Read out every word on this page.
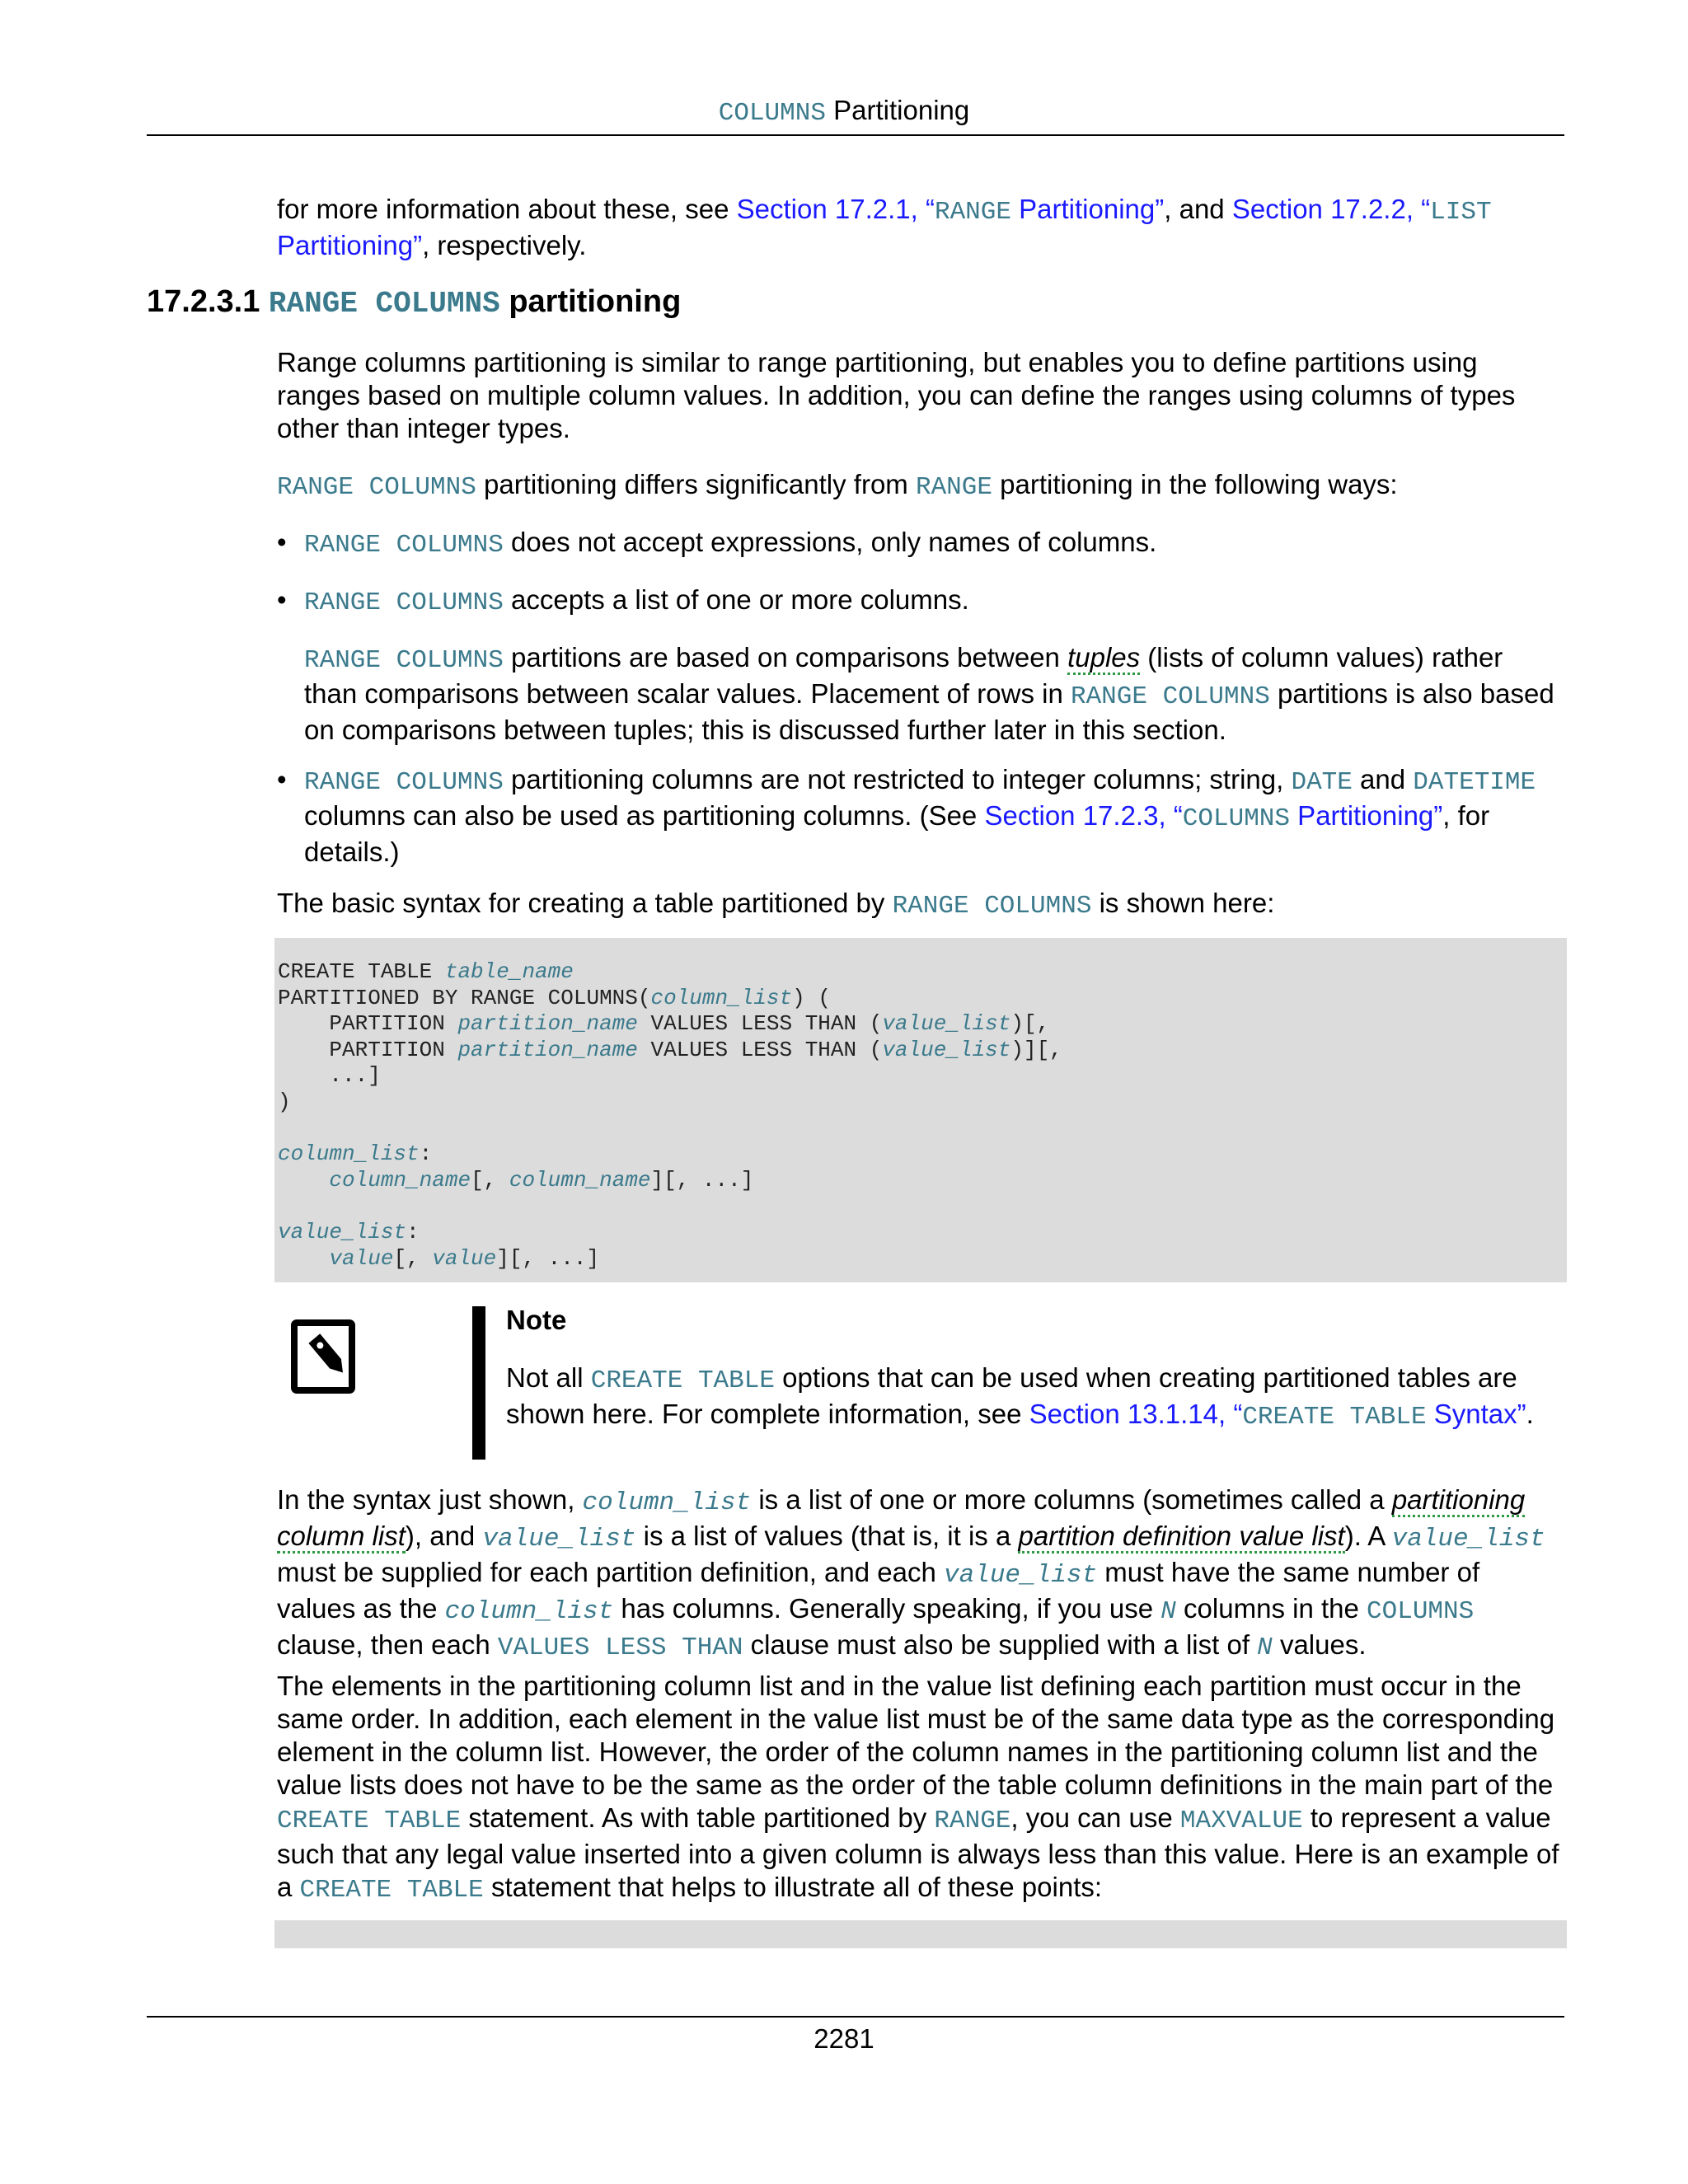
COLUMNS Partitioning
for more information about these, see Section 17.2.1, “RANGE Partitioning”, and Section 17.2.2, “LIST Partitioning”, respectively.
17.2.3.1 RANGE COLUMNS partitioning

Range columns partitioning is similar to range partitioning, but enables you to define partitions using ranges based on multiple column values. In addition, you can define the ranges using columns of types other than integer types.

RANGE COLUMNS partitioning differs significantly from RANGE partitioning in the following ways:

• RANGE COLUMNS does not accept expressions, only names of columns.
• RANGE COLUMNS accepts a list of one or more columns.

RANGE COLUMNS partitions are based on comparisons between tuples (lists of column values) rather than comparisons between scalar values. Placement of rows in RANGE COLUMNS partitions is also based on comparisons between tuples; this is discussed further later in this section.

• RANGE COLUMNS partitioning columns are not restricted to integer columns; string, DATE and DATETIME columns can also be used as partitioning columns. (See Section 17.2.3, “COLUMNS Partitioning”, for details.)

The basic syntax for creating a table partitioned by RANGE COLUMNS is shown here:

CREATE TABLE table_name
PARTITIONED BY RANGE COLUMNS(column_list) (
PARTITION partition_name VALUES LESS THAN (value_list)[,
PARTITION partition_name VALUES LESS THAN (value_list)][,
...]
)

column_list:
column_name[, column_name][, ...]

value_list:
value[, value][, ...]
Note
Not all CREATE TABLE options that can be used when creating partitioned tables are shown here. For complete information, see Section 13.1.14, “CREATE TABLE Syntax”.

In the syntax just shown, column_list is a list of one or more columns (sometimes called a partitioning column list), and value_list is a list of values (that is, it is a partition definition value list). A value_list must be supplied for each partition definition, and each value_list must have the same number of values as the column_list has columns. Generally speaking, if you use N columns in the COLUMNS clause, then each VALUES LESS THAN clause must also be supplied with a list of N values.

The elements in the partitioning column list and in the value list defining each partition must occur in the same order. In addition, each element in the value list must be of the same data type as the corresponding element in the column list. However, the order of the column names in the partitioning column list and the value lists does not have to be the same as the order of the table column definitions in the main part of the CREATE TABLE statement. As with table partitioned by RANGE, you can use MAXVALUE to represent a value such that any legal value inserted into a given column is always less than this value. Here is an example of a CREATE TABLE statement that helps to illustrate all of these points:

2281
